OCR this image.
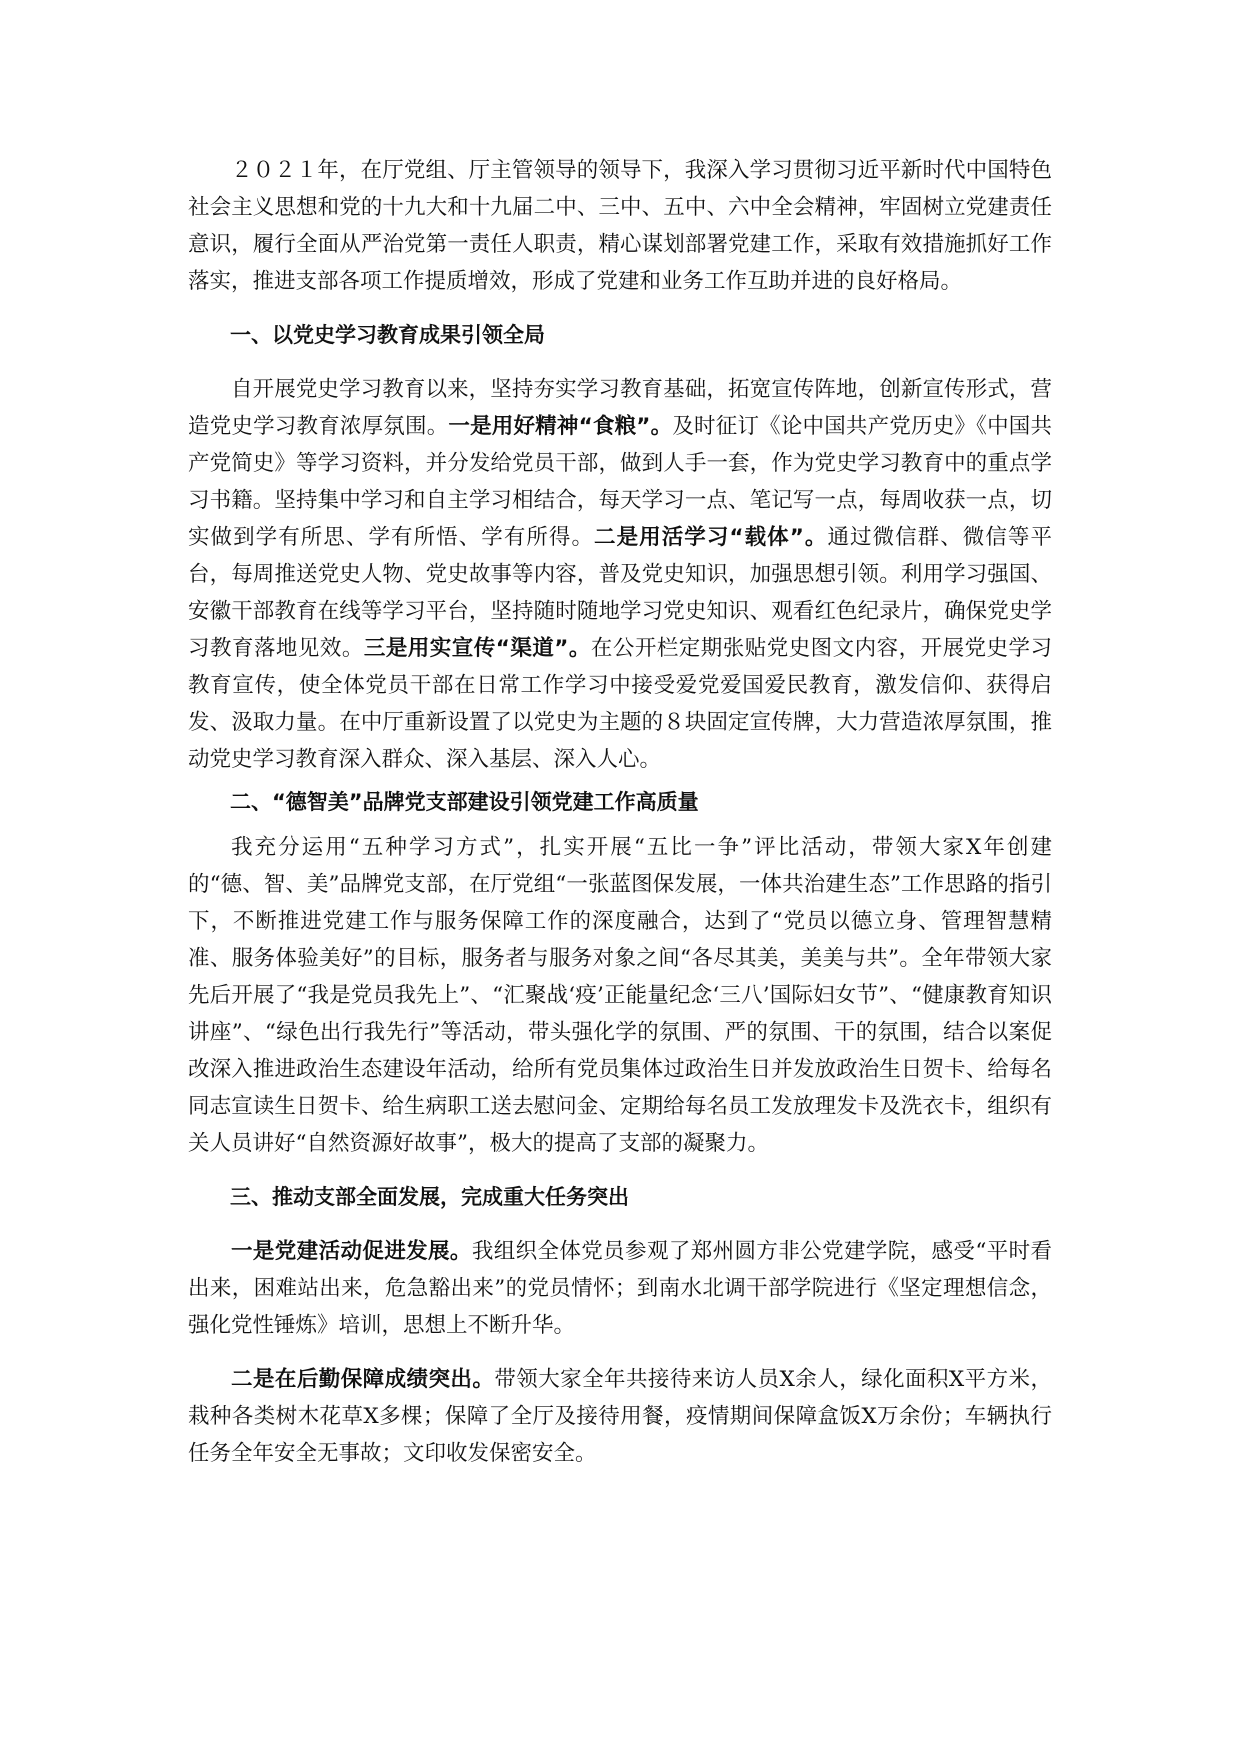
２０２１年，在厅党组、厅主管领导的领导下，我深入学习贯彻习近平新时代中国特色社会主义思想和党的十九大和十九届二中、三中、五中、六中全会精神，牢固树立党建责任意识，履行全面从严治党第一责任人职责，精心谋划部署党建工作，采取有效措施抓好工作落实，推进支部各项工作提质增效，形成了党建和业务工作互助并进的良好格局。

一、以党史学习教育成果引领全局

自开展党史学习教育以来，坚持夯实学习教育基础，拓宽宣传阵地，创新宣传形式，营造党史学习教育浓厚氛围。一是用好精神“食粮”。及时征订《论中国共产党历史》《中国共产党简史》等学习资料，并分发给党员干部，做到人手一套，作为党史学习教育中的重点学习书籍。坚持集中学习和自主学习相结合，每天学习一点、笔记写一点，每周收获一点，切实做到学有所思、学有所悟、学有所得。二是用活学习“载体”。通过微信群、微信等平台，每周推送党史人物、党史故事等内容，普及党史知识，加强思想引领。利用学习强国、安徽干部教育在线等学习平台，坚持随时随地学习党史知识、观看红色纪录片，确保党史学习教育落地见效。三是用实宣传“渠道”。在公开栏定期张贴党史图文内容，开展党史学习教育宣传，使全体党员干部在日常工作学习中接受爱党爱国爱民教育，激发信仰、获得启发、汲取力量。在中厅重新设置了以党史为主题的８块固定宣传牌，大力营造浓厚氛围，推动党史学习教育深入群众、深入基层、深入人心。

二、“德智美”品牌党支部建设引领党建工作高质量

我充分运用“五种学习方式”，扎实开展“五比一争”评比活动，带领大家X年创建的“德、智、美”品牌党支部，在厅党组“一张蓝图保发展，一体共治建生态”工作思路的指引下，不断推进党建工作与服务保障工作的深度融合，达到了“党员以德立身、管理智慧精准、服务体验美好”的目标，服务者与服务对象之间“各尽其美，美美与共”。全年带领大家先后开展了“我是党员我先上”、“汇聚战‘疫’正能量纪念‘三八’国际妇女节”、“健康教育知识讲座”、“绿色出行我先行”等活动，带头强化学的氛围、严的氛围、干的氛围，结合以案促改深入推进政治生态建设年活动，给所有党员集体过政治生日并发放政治生日贺卡、给每名同志宣读生日贺卡、给生病职工送去慰问金、定期给每名员工发放理发卡及洗衣卡，组织有关人员讲好“自然资源好故事”，极大的提高了支部的凝聚力。

三、推动支部全面发展，完成重大任务突出

一是党建活动促进发展。我组织全体党员参观了郑州圆方非公党建学院，感受“平时看出来，困难站出来，危急豁出来”的党员情怀；到南水北调干部学院进行《坚定理想信念，强化党性锤炼》培训，思想上不断升华。

二是在后勤保障成绩突出。带领大家全年共接待来访人员X余人，绿化面积X平方米，栽种各类树木花草X多棵；保障了全厅及接待用餐，疫情期间保障盒饭X万余份；车辆执行任务全年安全无事故；文印收发保密安全。
